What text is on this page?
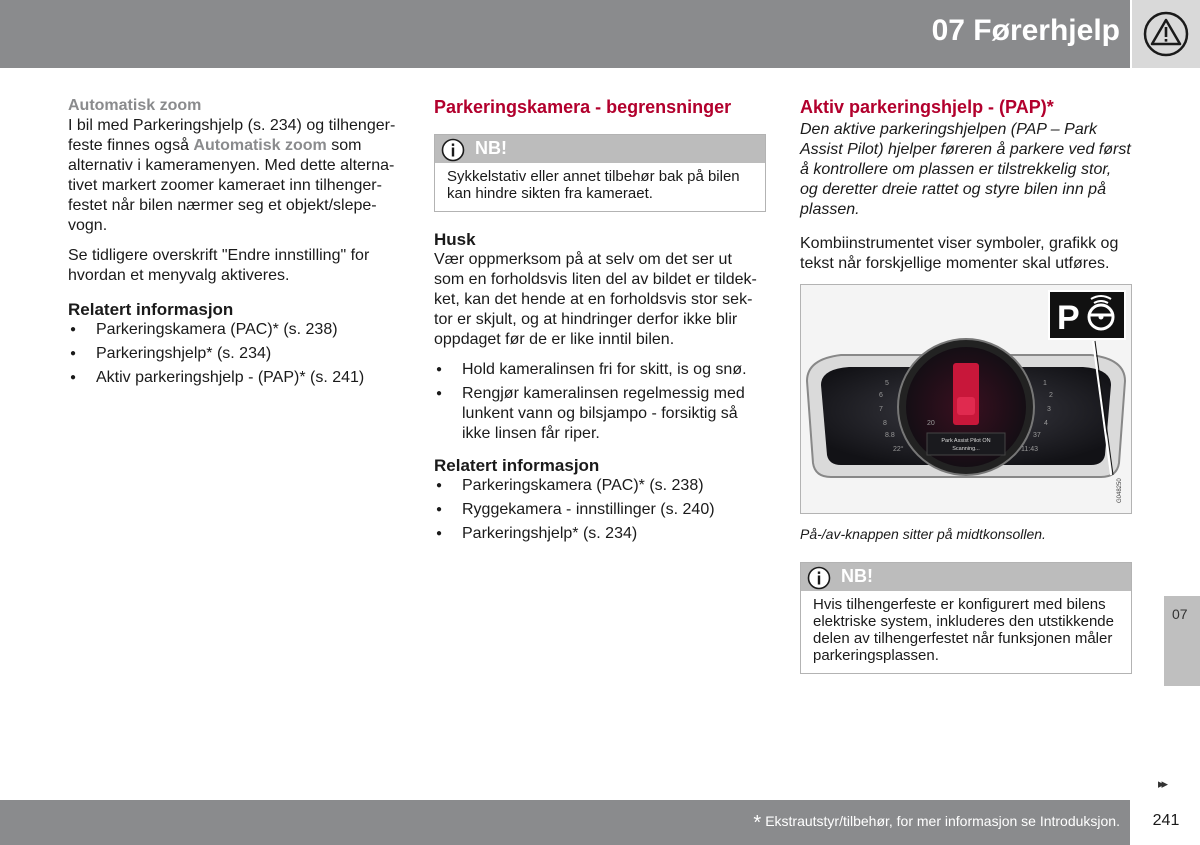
07 Førerhjelp
Automatisk zoom

I bil med Parkeringshjelp (s. 234) og tilhenger-feste finnes også Automatisk zoom som alternativ i kameramenyen. Med dette alterna-tivet markert zoomer kameraet inn tilhenger-festet når bilen nærmer seg et objekt/slepe-vogn.

Se tidligere overskrift "Endre innstilling" for hvordan et menyvalg aktiveres.

Relatert informasjon
● Parkeringskamera (PAC)* (s. 238)
● Parkeringshjelp* (s. 234)
● Aktiv parkeringshjelp - (PAP)* (s. 241)
Parkeringskamera - begrensninger
NB!
Sykkelstativ eller annet tilbehør bak på bilen kan hindre sikten fra kameraet.
Husk

Vær oppmerksom på at selv om det ser ut som en forholdsvis liten del av bildet er tildek-ket, kan det hende at en forholdsvis stor sek-tor er skjult, og at hindringer derfor ikke blir oppdaget før de er like inntil bilen.

● Hold kameralinsen fri for skitt, is og snø.
● Rengjør kameralinsen regelmessig med lunkent vann og bilsjampo - forsiktig så ikke linsen får riper.
Relatert informasjon
● Parkeringskamera (PAC)* (s. 238)
● Ryggekamera - innstillinger (s. 240)
● Parkeringshjelp* (s. 234)
Aktiv parkeringshjelp - (PAP)*

Den aktive parkeringshjelpen (PAP – Park Assist Pilot) hjelper føreren å parkere ved først å kontrollere om plassen er tilstrekkelig stor, og deretter dreie rattet og styre bilen inn på plassen.

Kombiinstrumentet viser symboler, grafikk og tekst når forskjellige momenter skal utføres.

Park Assist Pilot ON
Scanning...
20
37
22°	11:43
8.8
1
2
3
4
5
6
7
8
P
G048250
På-/av-knappen sitter på midtkonsollen.
NB!
Hvis tilhengerfeste er konfigurert med bilens elektriske system, inkluderes den utstikkende delen av tilhengerfestet når funksjonen måler parkeringsplassen.
07
▸▸
* Ekstrautstyr/tilbehør, for mer informasjon se Introduksjon.	241
